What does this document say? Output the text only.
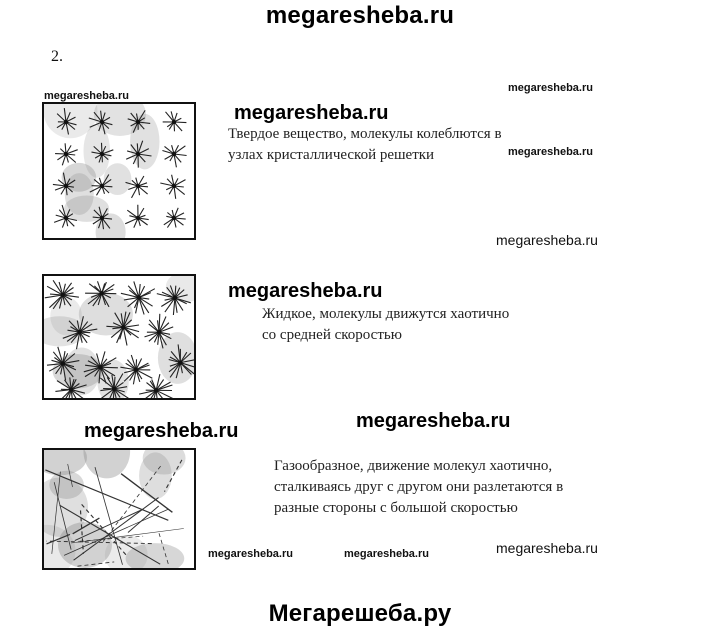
megaresheba.ru
2.
megaresheba.ru
megaresheba.ru
megaresheba.ru
megaresheba.ru
megaresheba.ru	megaresheba.ru	megaresheba.ru
megaresheba.ru
megaresheba.ru
megaresheba.ru	megaresheba.ru
Твердое вещество, молекулы колеблются в
узлах кристаллической решетки
Жидкое, молекулы движутся хаотично
со средней скоростью
Газообразное, движение молекул хаотично,
сталкиваясь друг с другом они разлетаются в
разные стороны с большой скоростью
Мегарешеба.ру
